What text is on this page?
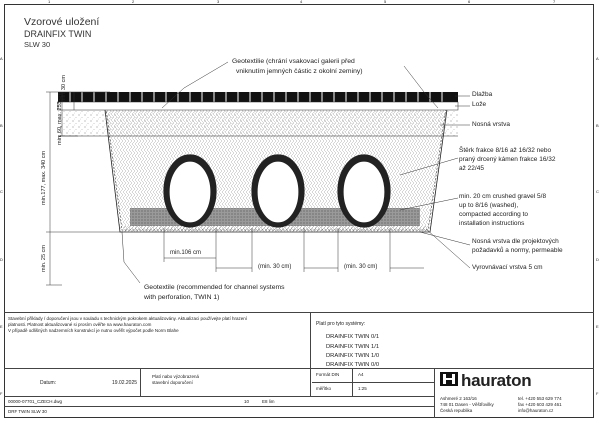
1	2	3	4	5	6	7
A	A
B	B
C	C
D	D
E	E
F	F
Vzorové uložení
DRAINFIX TWIN
SLW 30
Dlažba
Lože
Nosná vrstva
Štěrk frakce 8/16 až 16/32 nebo
praný drcený kámen frakce 16/32
až 22/45
min. 20 cm crushed gravel 5/8
up to 8/16 (washed),
compacted according to
installation instructions
Nosná vrstva dle projektových
požadavků a normy, permeable
Vyrovnávací vrstva 5 cm
Geotextilie (chrání vsakovací galerii před
vniknutím jemných částic z okolní zeminy)
Geotextile (recommended for channel systems
with perforation, TWIN 1)
min. 30 cm
min. 60, max. 253 cm
min.177, max. 340 cm
min. 25 cm	min.106 cm
(min. 30 cm)	(min. 30 cm)
Stavební příklady / doporučení jsou v souladu s technickým pokrokem aktualizovány. Aktualizaci používejte platí hrazení
platnosti. Platnost aktualizované si prosím ověřte na www.hauraton.com
V případě odlišných nadzemních konstrukcí je nutno ověřit výpočet podle Norm Blahe
Platí pro tyto systémy:
DRAINFIX TWIN 0/1
DRAINFIX TWIN 1/1
DRAINFIX TWIN 1/0
DRAINFIX TWIN 0/0
Datum:	19.02.2025
Platí nabo výzobrazená
stavební doporučení
Formát DIN	A4
měřítko	1:25
00000-07701_CZECH.dwg	10	E8 lim
DRF TWIN SLW 30
hauraton
Ashmeré 2 163/16
748 01 Dasen - Věštřovilky
Česká republika
tel. +420 553 629 774
fax +420 603 429 461
info@hauraton.cz
